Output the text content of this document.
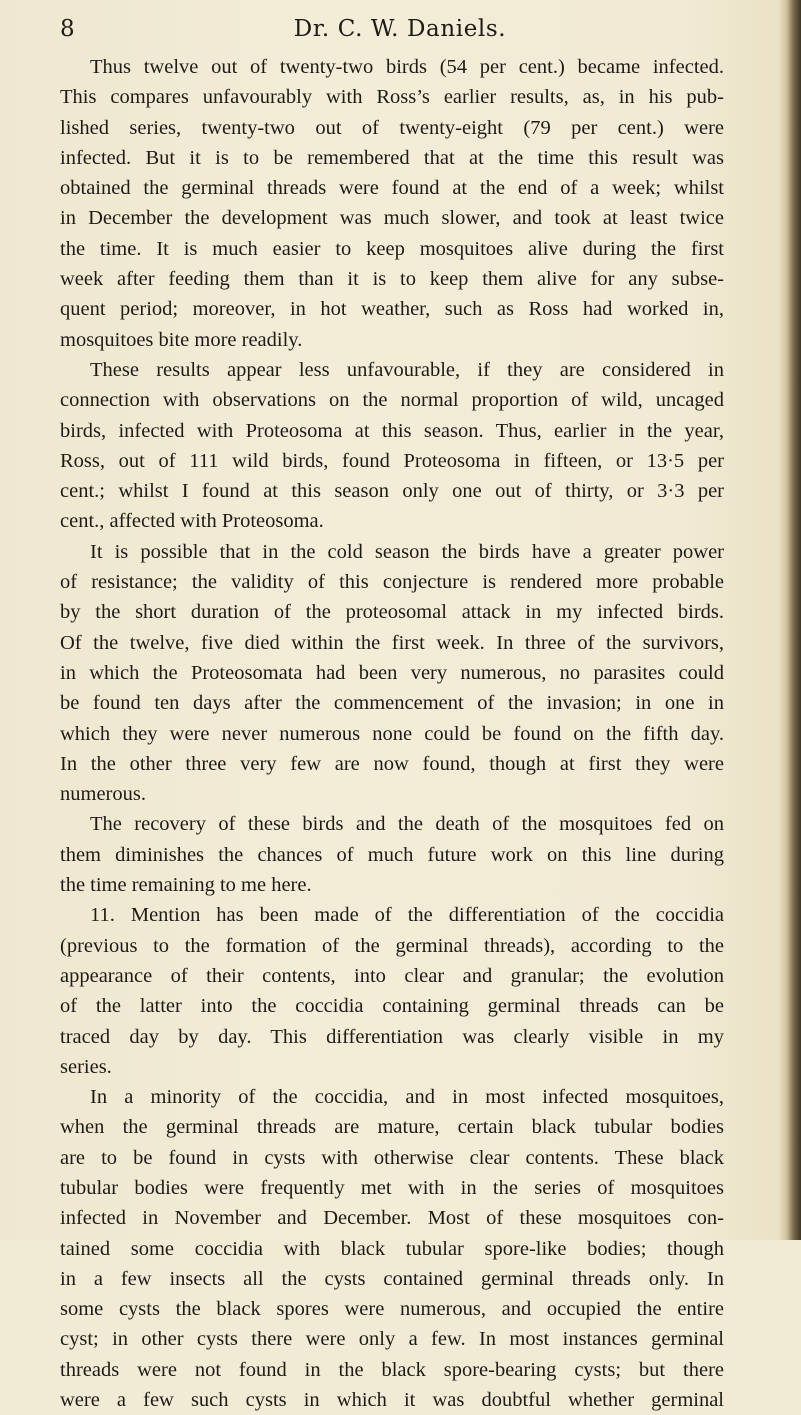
8	Dr. C. W. Daniels.
Thus twelve out of twenty-two birds (54 per cent.) became infected.
This compares unfavourably with Ross’s earlier results, as, in his pub-
lished series, twenty-two out of twenty-eight (79 per cent.) were
infected. But it is to be remembered that at the time this result was
obtained the germinal threads were found at the end of a week; whilst
in December the development was much slower, and took at least twice
the time. It is much easier to keep mosquitoes alive during the first
week after feeding them than it is to keep them alive for any subse-
quent period; moreover, in hot weather, such as Ross had worked in,
mosquitoes bite more readily.
These results appear less unfavourable, if they are considered in
connection with observations on the normal proportion of wild, uncaged
birds, infected with Proteosoma at this season. Thus, earlier in the year,
Ross, out of 111 wild birds, found Proteosoma in fifteen, or 13·5 per
cent.; whilst I found at this season only one out of thirty, or 3·3 per
cent., affected with Proteosoma.
It is possible that in the cold season the birds have a greater power
of resistance; the validity of this conjecture is rendered more probable
by the short duration of the proteosomal attack in my infected birds.
Of the twelve, five died within the first week. In three of the survivors,
in which the Proteosomata had been very numerous, no parasites could
be found ten days after the commencement of the invasion; in one in
which they were never numerous none could be found on the fifth day.
In the other three very few are now found, though at first they were
numerous.
The recovery of these birds and the death of the mosquitoes fed on
them diminishes the chances of much future work on this line during
the time remaining to me here.
11. Mention has been made of the differentiation of the coccidia
(previous to the formation of the germinal threads), according to the
appearance of their contents, into clear and granular; the evolution
of the latter into the coccidia containing germinal threads can be
traced day by day. This differentiation was clearly visible in my
series.
In a minority of the coccidia, and in most infected mosquitoes,
when the germinal threads are mature, certain black tubular bodies
are to be found in cysts with otherwise clear contents. These black
tubular bodies were frequently met with in the series of mosquitoes
infected in November and December. Most of these mosquitoes con-
tained some coccidia with black tubular spore-like bodies; though
in a few insects all the cysts contained germinal threads only. In
some cysts the black spores were numerous, and occupied the entire
cyst; in other cysts there were only a few. In most instances germinal
threads were not found in the black spore-bearing cysts; but there
were a few such cysts in which it was doubtful whether germinal
